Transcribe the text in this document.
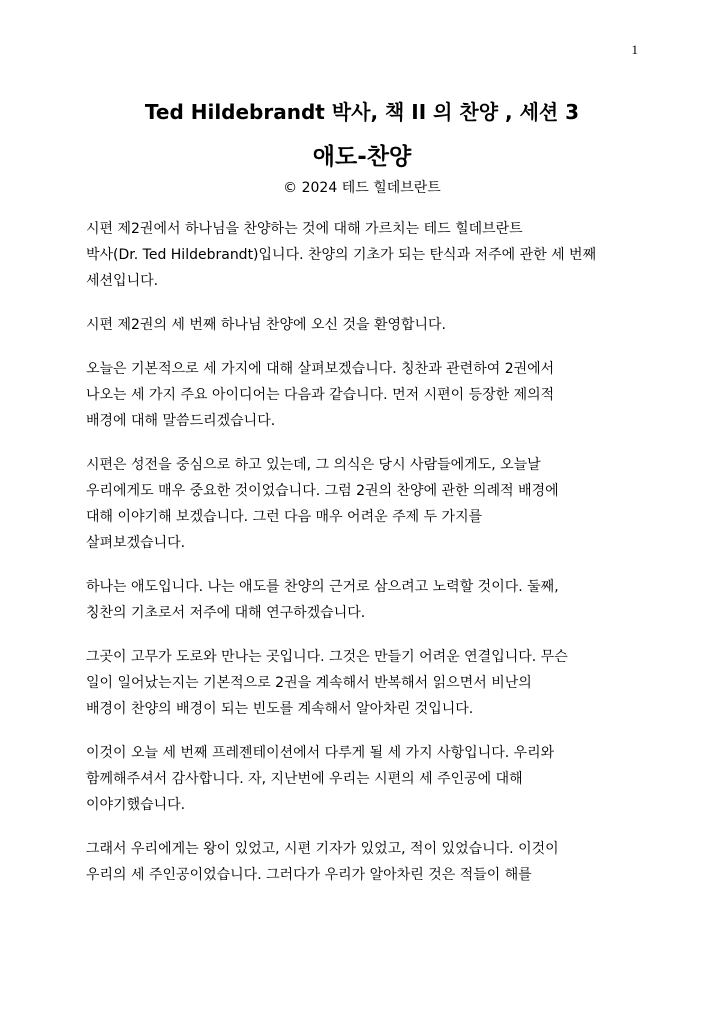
1
Ted Hildebrandt 박사, 책 II 의 찬양 , 세션 3
애도-찬양
© 2024 테드 힐데브란트

시편 제2권에서 하나님을 찬양하는 것에 대해 가르치는 테드 힐데브란트
박사(Dr. Ted Hildebrandt)입니다. 찬양의 기초가 되는 탄식과 저주에 관한 세 번째
세션입니다.

시편 제2권의 세 번째 하나님 찬양에 오신 것을 환영합니다.

오늘은 기본적으로 세 가지에 대해 살펴보겠습니다. 칭찬과 관련하여 2권에서
나오는 세 가지 주요 아이디어는 다음과 같습니다. 먼저 시편이 등장한 제의적
배경에 대해 말씀드리겠습니다.

시편은 성전을 중심으로 하고 있는데, 그 의식은 당시 사람들에게도, 오늘날
우리에게도 매우 중요한 것이었습니다. 그럼 2권의 찬양에 관한 의례적 배경에
대해 이야기해 보겠습니다. 그런 다음 매우 어려운 주제 두 가지를
살펴보겠습니다.

하나는 애도입니다. 나는 애도를 찬양의 근거로 삼으려고 노력할 것이다. 둘째,
칭찬의 기초로서 저주에 대해 연구하겠습니다.

그곳이 고무가 도로와 만나는 곳입니다. 그것은 만들기 어려운 연결입니다. 무슨
일이 일어났는지는 기본적으로 2권을 계속해서 반복해서 읽으면서 비난의
배경이 찬양의 배경이 되는 빈도를 계속해서 알아차린 것입니다.

이것이 오늘 세 번째 프레젠테이션에서 다루게 될 세 가지 사항입니다. 우리와
함께해주셔서 감사합니다. 자, 지난번에 우리는 시편의 세 주인공에 대해
이야기했습니다.

그래서 우리에게는 왕이 있었고, 시편 기자가 있었고, 적이 있었습니다. 이것이
우리의 세 주인공이었습니다. 그러다가 우리가 알아차린 것은 적들이 해를
